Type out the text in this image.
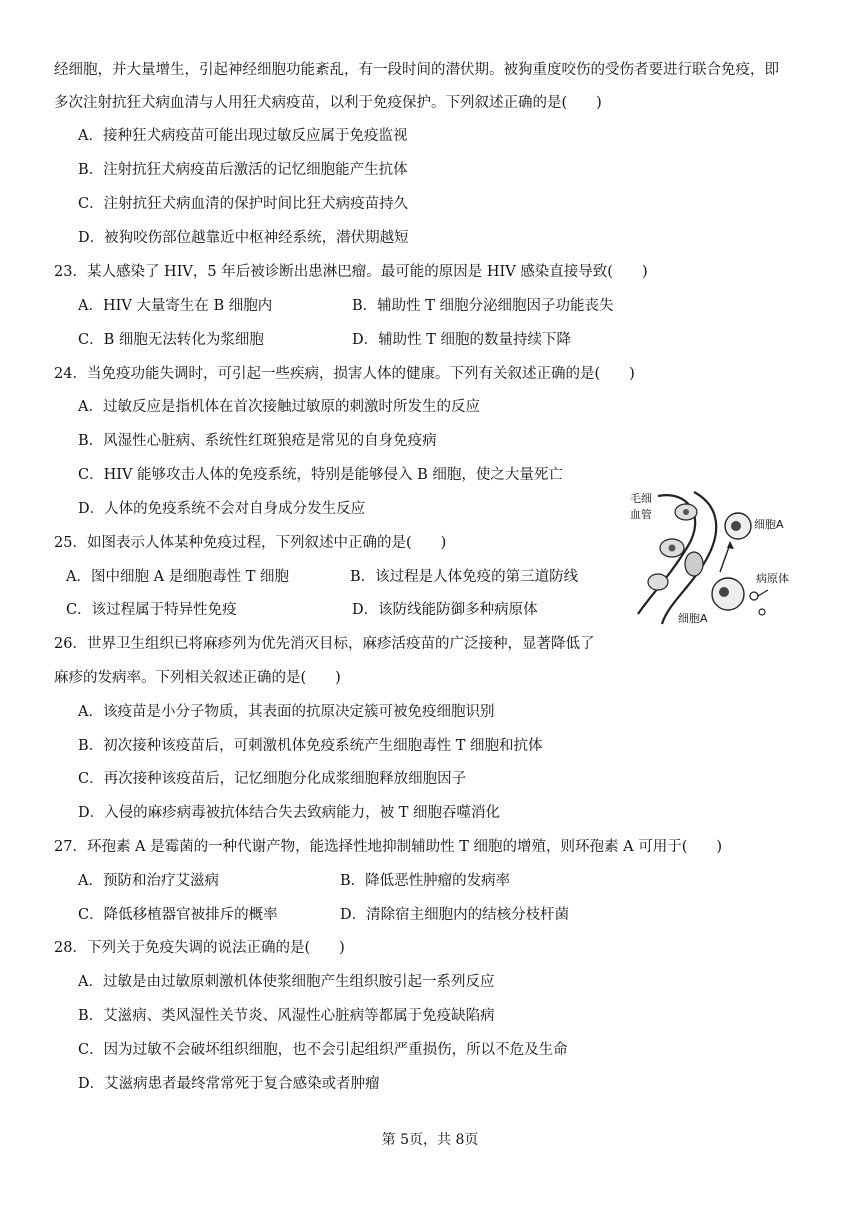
经细胞，并大量增生，引起神经细胞功能紊乱，有一段时间的潜伏期。被狗重度咬伤的受伤者要进行联合免疫，即
多次注射抗狂犬病血清与人用狂犬病疫苗，以利于免疫保护。下列叙述正确的是(　　)
A．接种狂犬病疫苗可能出现过敏反应属于免疫监视
B．注射抗狂犬病疫苗后激活的记忆细胞能产生抗体
C．注射抗狂犬病血清的保护时间比狂犬病疫苗持久
D．被狗咬伤部位越靠近中枢神经系统，潜伏期越短
23．某人感染了 HIV，5 年后被诊断出患淋巴瘤。最可能的原因是 HIV 感染直接导致(　　)
A．HIV 大量寄生在 B 细胞内	B．辅助性 T 细胞分泌细胞因子功能丧失
C．B 细胞无法转化为浆细胞	D．辅助性 T 细胞的数量持续下降
24．当免疫功能失调时，可引起一些疾病，损害人体的健康。下列有关叙述正确的是(　　)
A．过敏反应是指机体在首次接触过敏原的刺激时所发生的反应
B．风湿性心脏病、系统性红斑狼疮是常见的自身免疫病
C．HIV 能够攻击人体的免疫系统，特别是能够侵入 B 细胞，使之大量死亡
D．人体的免疫系统不会对自身成分发生反应
毛细
血管
细胞A
病原体
细胞A
25．如图表示人体某种免疫过程，下列叙述中正确的是(　　)
A．图中细胞 A 是细胞毒性 T 细胞	B．该过程是人体免疫的第三道防线
C．该过程属于特异性免疫	D．该防线能防御多种病原体
26．世界卫生组织已将麻疹列为优先消灭目标，麻疹活疫苗的广泛接种，显著降低了
麻疹的发病率。下列相关叙述正确的是(　　)
A．该疫苗是小分子物质，其表面的抗原决定簇可被免疫细胞识别
B．初次接种该疫苗后，可刺激机体免疫系统产生细胞毒性 T 细胞和抗体
C．再次接种该疫苗后，记忆细胞分化成浆细胞释放细胞因子
D．入侵的麻疹病毒被抗体结合失去致病能力，被 T 细胞吞噬消化
27．环孢素 A 是霉菌的一种代谢产物，能选择性地抑制辅助性 T 细胞的增殖，则环孢素 A 可用于(　　)
A．预防和治疗艾滋病	B．降低恶性肿瘤的发病率
C．降低移植器官被排斥的概率	D．清除宿主细胞内的结核分枝杆菌
28．下列关于免疫失调的说法正确的是(　　)
A．过敏是由过敏原刺激机体使浆细胞产生组织胺引起一系列反应
B．艾滋病、类风湿性关节炎、风湿性心脏病等都属于免疫缺陷病
C．因为过敏不会破坏组织细胞，也不会引起组织严重损伤，所以不危及生命
D．艾滋病患者最终常常死于复合感染或者肿瘤
第 5页，共 8页
